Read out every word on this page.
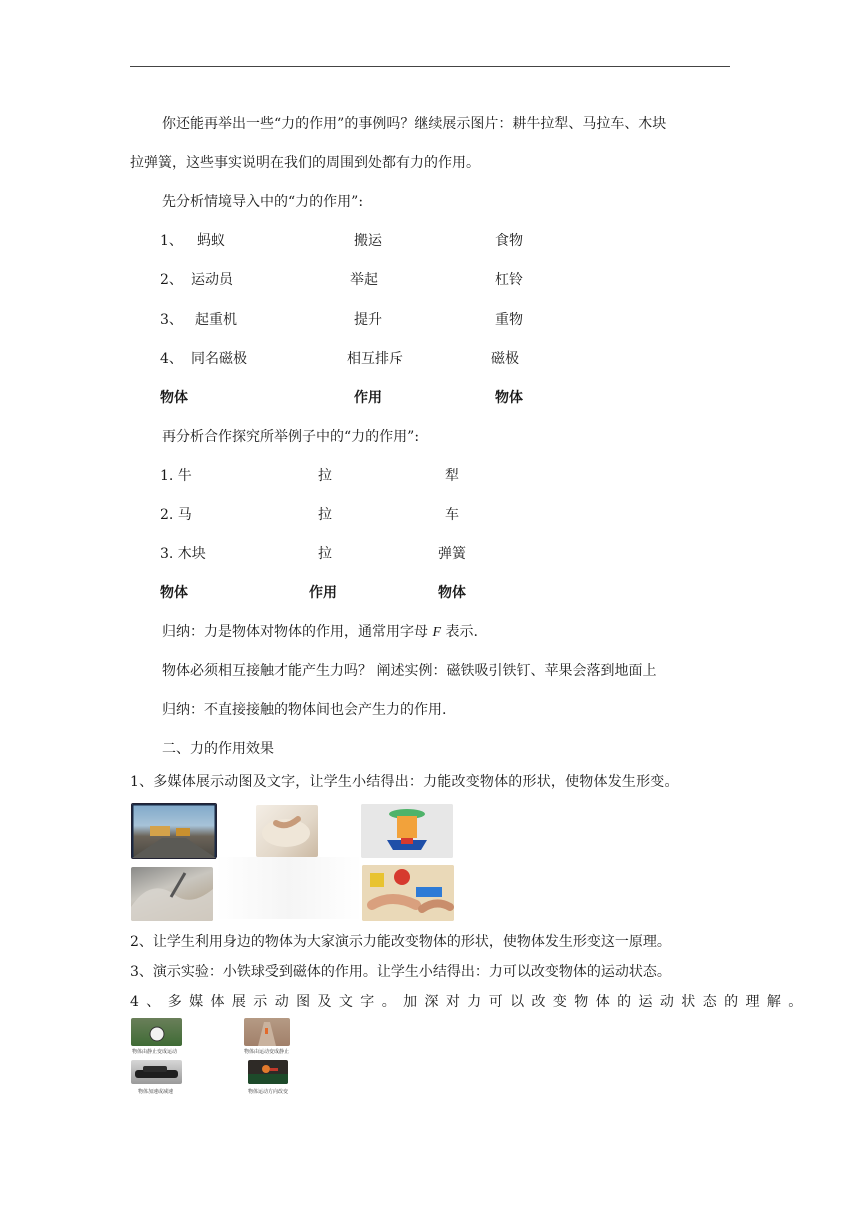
你还能再举出一些“力的作用”的事例吗？继续展示图片：耕牛拉犁、马拉车、木块
拉弹簧，这些事实说明在我们的周围到处都有力的作用。
先分析情境导入中的“力的作用”:
1、 蚂蚁	搬运	食物
2、 运动员	举起	杠铃
3、 起重机	提升	重物
4、 同名磁极	相互排斥	磁极
物体	作用	物体
再分析合作探究所举例子中的“力的作用”:
1. 牛	拉	犁
2. 马	拉	车
3. 木块	拉	弹簧
物体	作用	物体
归纳：力是物体对物体的作用，通常用字母 F 表示.
物体必须相互接触才能产生力吗？ 阐述实例：磁铁吸引铁钉、苹果会落到地面上
归纳：不直接接触的物体间也会产生力的作用.
二、力的作用效果
1、多媒体展示动图及文字，让学生小结得出：力能改变物体的形状，使物体发生形变。
2、让学生利用身边的物体为大家演示力能改变物体的形状，使物体发生形变这一原理。
3、演示实验：小铁球受到磁体的作用。让学生小结得出：力可以改变物体的运动状态。
4、多媒体展示动图及文字。加深对力可以改变物体的运动状态的理解。
物体由静止变成运动	物体由运动变成静止
物体加速或减速	物体运动方向改变
